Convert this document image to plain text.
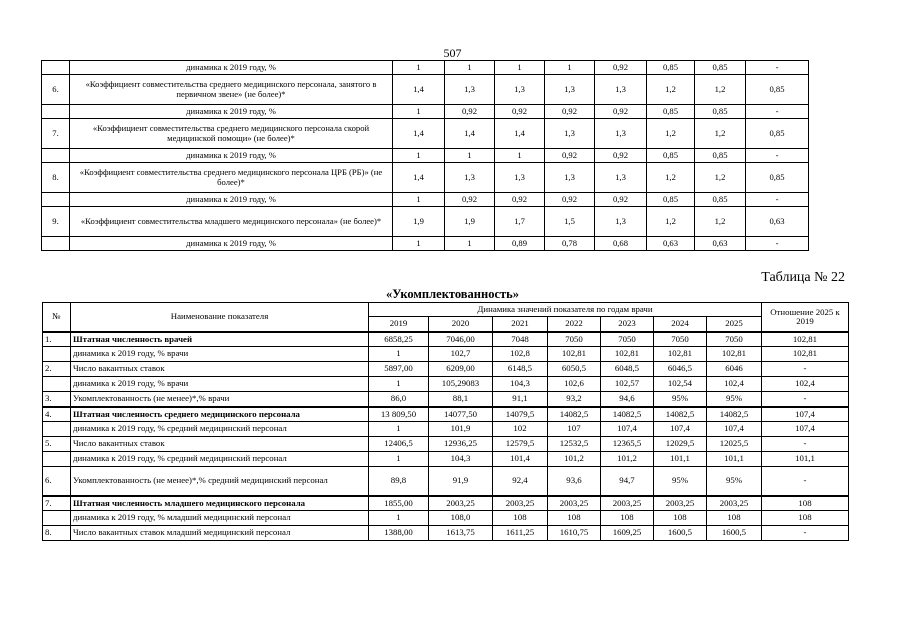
507
	динамика к 2019 году, %	1	1	1	1	0,92	0,85	0,85	-
6.	«Коэффициент совместительства среднего медицинского персонала, занятого в первичном звене» (не более)*	1,4	1,3	1,3	1,3	1,3	1,2	1,2	0,85
	динамика к 2019 году, %	1	0,92	0,92	0,92	0,92	0,85	0,85	-
7.	«Коэффициент совместительства среднего медицинского персонала скорой медицинской помощи» (не более)*	1,4	1,4	1,4	1,3	1,3	1,2	1,2	0,85
	динамика к 2019 году, %	1	1	1	0,92	0,92	0,85	0,85	-
8.	«Коэффициент совместительства среднего медицинского персонала ЦРБ (РБ)» (не более)*	1,4	1,3	1,3	1,3	1,3	1,2	1,2	0,85
	динамика к 2019 году, %	1	0,92	0,92	0,92	0,92	0,85	0,85	-
9.	«Коэффициент совместительства младшего медицинского персонала» (не более)*	1,9	1,9	1,7	1,5	1,3	1,2	1,2	0,63
	динамика к 2019 году, %	1	1	0,89	0,78	0,68	0,63	0,63	-
Таблица № 22
«Укомплектованность»
№	Наименование показателя	Динамика значений показателя по годам врачи							Отношение 2025 к 2019
		2019	2020	2021	2022	2023	2024	2025	
1.	Штатная численность врачей	6858,25	7046,00	7048	7050	7050	7050	7050	102,81
	динамика к 2019 году, % врачи	1	102,7	102,8	102,81	102,81	102,81	102,81	102,81
2.	Число вакантных ставок	5897,00	6209,00	6148,5	6050,5	6048,5	6046,5	6046	-
	динамика к 2019 году, % врачи	1	105,29083	104,3	102,6	102,57	102,54	102,4	102,4
3.	Укомплектованность (не менее)*,% врачи	86,0	88,1	91,1	93,2	94,6	95%	95%	-
4.	Штатная численность среднего медицинского персонала	13 809,50	14077,50	14079,5	14082,5	14082,5	14082,5	14082,5	107,4
	динамика к 2019 году, % средний медицинский персонал	1	101,9	102	107	107,4	107,4	107,4	107,4
5.	Число вакантных ставок	12406,5	12936,25	12579,5	12532,5	12365,5	12029,5	12025,5	-
	динамика к 2019 году, % средний медицинский персонал	1	104,3	101,4	101,2	101,2	101,1	101,1	101,1
6.	Укомплектованность (не менее)*,% средний медицинский персонал	89,8	91,9	92,4	93,6	94,7	95%	95%	-
7.	Штатная численность младшего медицинского персонала	1855,00	2003,25	2003,25	2003,25	2003,25	2003,25	2003,25	108
	динамика к 2019 году, % младший медицинский персонал	1	108,0	108	108	108	108	108	108
8.	Число вакантных ставок младший медицинский персонал	1388,00	1613,75	1611,25	1610,75	1609,25	1600,5	1600,5	-
